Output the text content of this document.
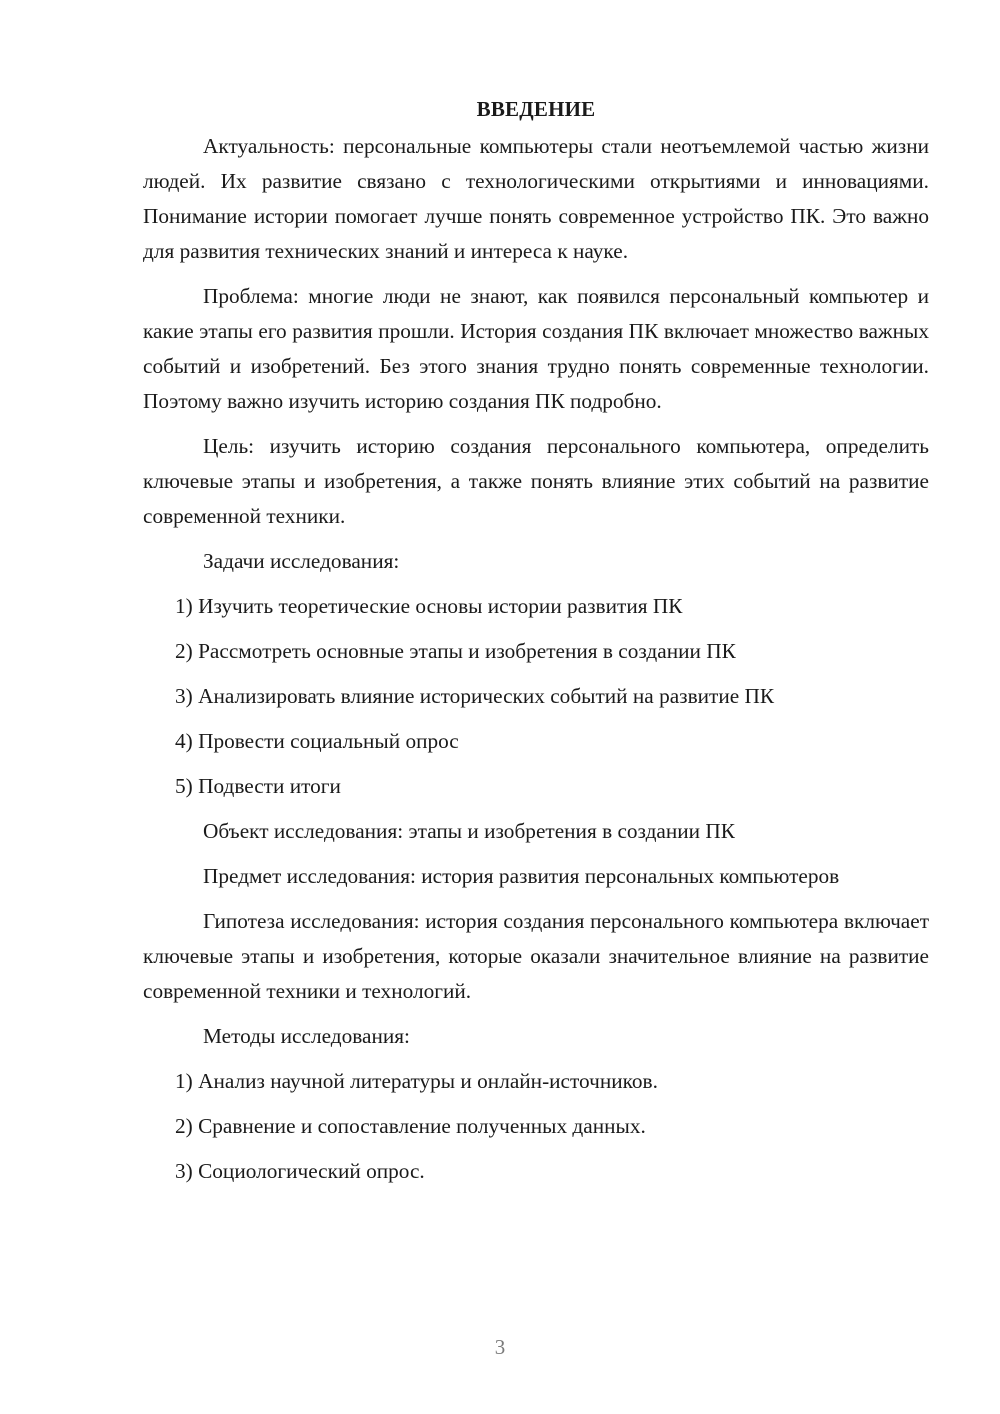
ВВЕДЕНИЕ

Актуальность: персональные компьютеры стали неотъемлемой частью жизни людей. Их развитие связано с технологическими открытиями и инновациями. Понимание истории помогает лучше понять современное устройство ПК. Это важно для развития технических знаний и интереса к науке.

Проблема: многие люди не знают, как появился персональный компьютер и какие этапы его развития прошли. История создания ПК включает множество важных событий и изобретений. Без этого знания трудно понять современные технологии. Поэтому важно изучить историю создания ПК подробно.

Цель: изучить историю создания персонального компьютера, определить ключевые этапы и изобретения, а также понять влияние этих событий на развитие современной техники.

Задачи исследования:
1) Изучить теоретические основы истории развития ПК
2) Рассмотреть основные этапы и изобретения в создании ПК
3) Анализировать влияние исторических событий на развитие ПК
4) Провести социальный опрос
5) Подвести итоги
Объект исследования: этапы и изобретения в создании ПК

Предмет исследования: история развития персональных компьютеров

Гипотеза исследования: история создания персонального компьютера включает ключевые этапы и изобретения, которые оказали значительное влияние на развитие современной техники и технологий.

Методы исследования:
1) Анализ научной литературы и онлайн-источников.
2) Сравнение и сопоставление полученных данных.
3) Социологический опрос.
3
